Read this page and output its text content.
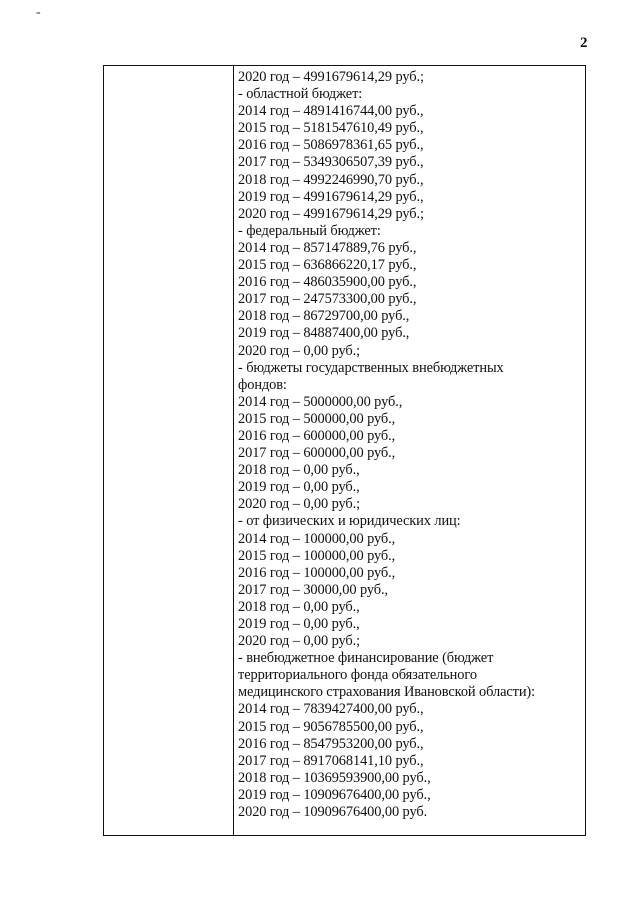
-
2

2020 год – 4991679614,29 руб.;
- областной бюджет:
2014 год – 4891416744,00 руб.,
2015 год – 5181547610,49 руб.,
2016 год – 5086978361,65 руб.,
2017 год – 5349306507,39 руб.,
2018 год – 4992246990,70 руб.,
2019 год – 4991679614,29 руб.,
2020 год – 4991679614,29 руб.;
- федеральный бюджет:
2014 год – 857147889,76 руб.,
2015 год – 636866220,17 руб.,
2016 год – 486035900,00 руб.,
2017 год – 247573300,00 руб.,
2018 год – 86729700,00 руб.,
2019 год – 84887400,00 руб.,
2020 год – 0,00 руб.;
- бюджеты государственных внебюджетных
фондов:
2014 год – 5000000,00 руб.,
2015 год – 500000,00 руб.,
2016 год – 600000,00 руб.,
2017 год – 600000,00 руб.,
2018 год – 0,00 руб.,
2019 год – 0,00 руб.,
2020 год – 0,00 руб.;
- от физических и юридических лиц:
2014 год – 100000,00 руб.,
2015 год – 100000,00 руб.,
2016 год – 100000,00 руб.,
2017 год – 30000,00 руб.,
2018 год – 0,00 руб.,
2019 год – 0,00 руб.,
2020 год – 0,00 руб.;
- внебюджетное финансирование (бюджет
территориального фонда обязательного
медицинского страхования Ивановской области):
2014 год – 7839427400,00 руб.,
2015 год – 9056785500,00 руб.,
2016 год – 8547953200,00 руб.,
2017 год – 8917068141,10 руб.,
2018 год – 10369593900,00 руб.,
2019 год – 10909676400,00 руб.,
2020 год – 10909676400,00 руб.
